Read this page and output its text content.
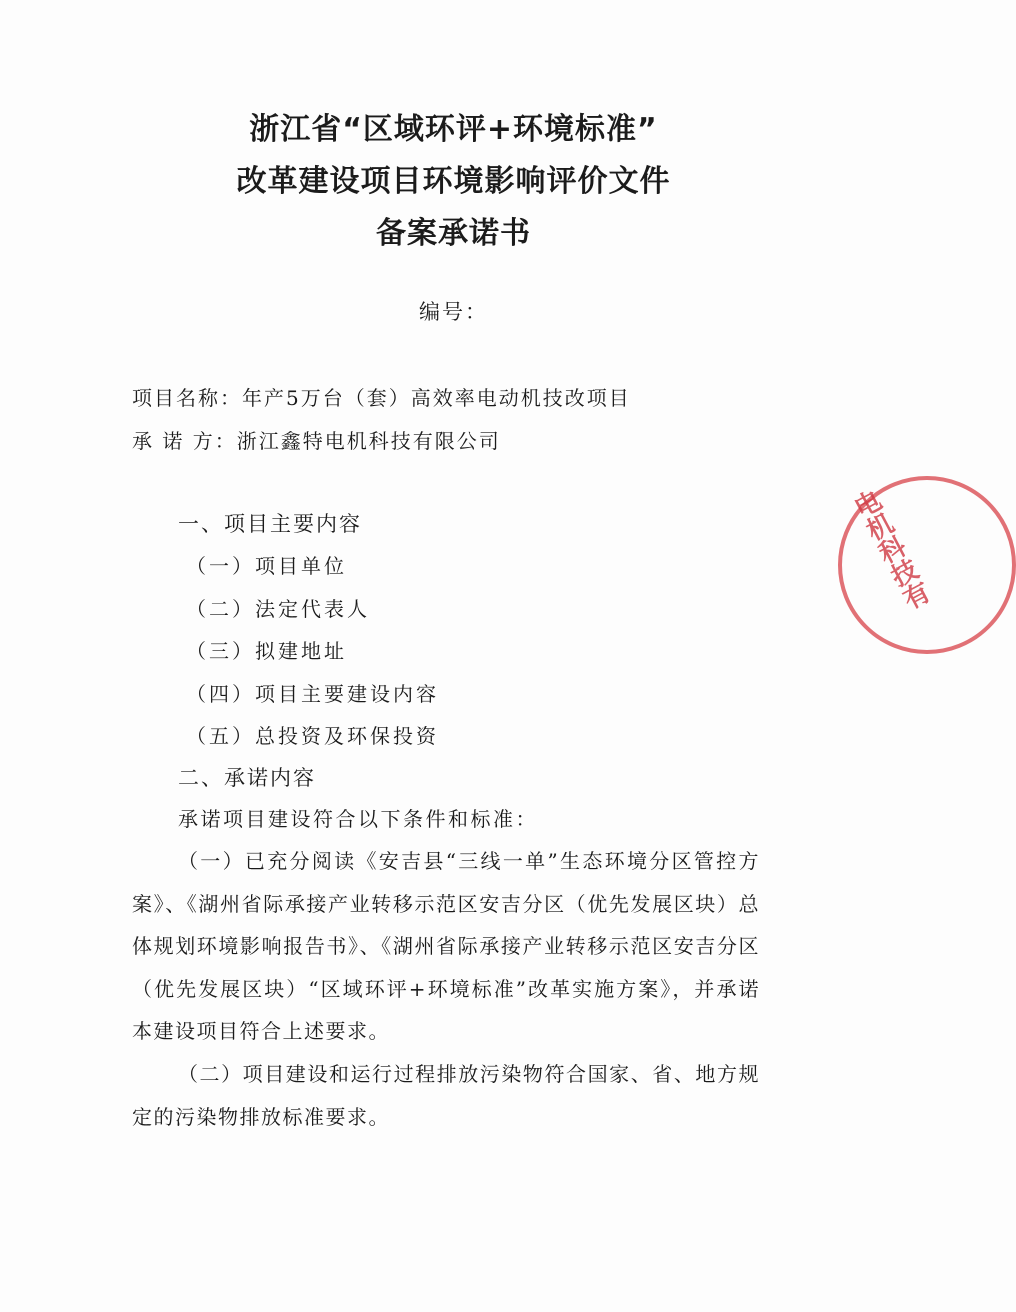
浙江省“区域环评+环境标准”
改革建设项目环境影响评价文件
备案承诺书
编号：
项目名称：年产5万台（套）高效率电动机技改项目
承 诺 方：浙江鑫特电机科技有限公司
一、项目主要内容
（一）项目单位
（二）法定代表人
（三）拟建地址
（四）项目主要建设内容
（五）总投资及环保投资
二、承诺内容
承诺项目建设符合以下条件和标准：
（一）已充分阅读《安吉县“三线一单”生态环境分区管控方案》、《湖州省际承接产业转移示范区安吉分区（优先发展区块）总体规划环境影响报告书》、《湖州省际承接产业转移示范区安吉分区（优先发展区块）“区域环评+环境标准”改革实施方案》，并承诺本建设项目符合上述要求。
（二）项目建设和运行过程排放污染物符合国家、省、地方规定的污染物排放标准要求。
电机科技有
